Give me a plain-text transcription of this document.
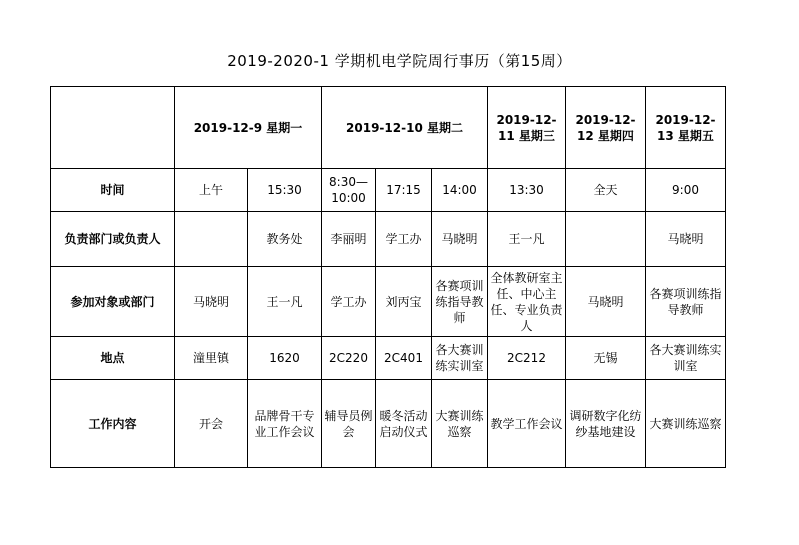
2019-2020-1 学期机电学院周行事历（第15周）
	2019-12-9 星期一		2019-12-10 星期二			2019-12-11 星期三	2019-12-12 星期四	2019-12-13 星期五
时间	上午	15:30	8:30—10:00	17:15	14:00	13:30	全天	9:00
负责部门或负责人		教务处	李丽明	学工办	马晓明	王一凡		马晓明
参加对象或部门	马晓明	王一凡	学工办	刘丙宝	各赛项训练指导教师	全体教研室主任、中心主任、专业负责人	马晓明	各赛项训练指导教师
地点	潼里镇	1620	2C220	2C401	各大赛训练实训室	2C212	无锡	各大赛训练实训室
工作内容	开会	品牌骨干专业工作会议	辅导员例会	暖冬活动启动仪式	大赛训练巡察	教学工作会议	调研数字化纺纱基地建设	大赛训练巡察
